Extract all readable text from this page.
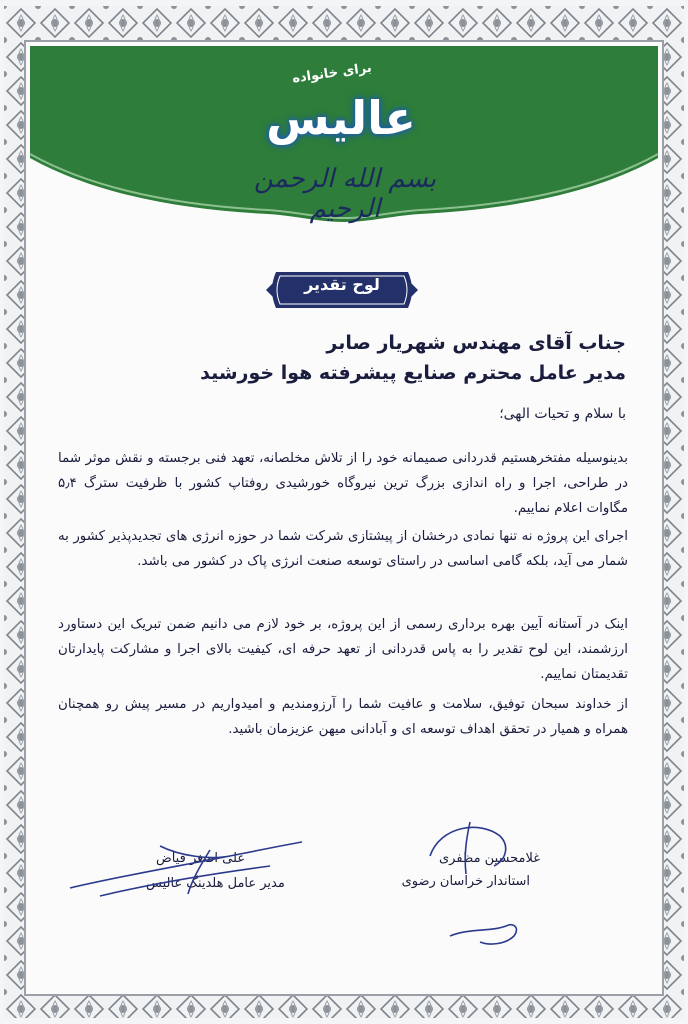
برای خانواده
عالیس
بسم الله الرحمن الرحیم
لوح تقدیر
جناب آقای مهندس شهریار صابر
مدیر عامل محترم صنایع پیشرفته هوا خورشید
با سلام و تحیات الهی؛

بدینوسیله مفتخرهستیم قدردانی صمیمانه خود را از تلاش مخلصانه، تعهد فنی برجسته و نقش موثر شما در طراحی، اجرا و راه اندازی بزرگ ترین نیروگاه خورشیدی روفتاپ کشور با ظرفیت سترگ ۵٫۴ مگاوات اعلام نماییم.

اجرای این پروژه نه تنها نمادی درخشان از پیشتازی شرکت شما در حوزه انرژی های تجدیدپذیر کشور به شمار می آید، بلکه گامی اساسی در راستای توسعه صنعت انرژی پاک در کشور می باشد.

اینک در آستانه آیین بهره برداری رسمی از این پروژه، بر خود لازم می دانیم ضمن تبریک این دستاورد ارزشمند، این لوح تقدیر را به پاس قدردانی از تعهد حرفه ای، کیفیت بالای اجرا و مشارکت پایدارتان تقدیمتان نماییم.

از خداوند سبحان توفیق، سلامت و عافیت شما را آرزومندیم و امیدواریم در مسیر پیش رو همچنان همراه و همیار در تحقق اهداف توسعه ای و آبادانی میهن عزیزمان باشید.

غلامحسین مظفری
استاندار خراسان رضوی
علی اصغر فیاض
مدیر عامل هلدینگ عالیس
